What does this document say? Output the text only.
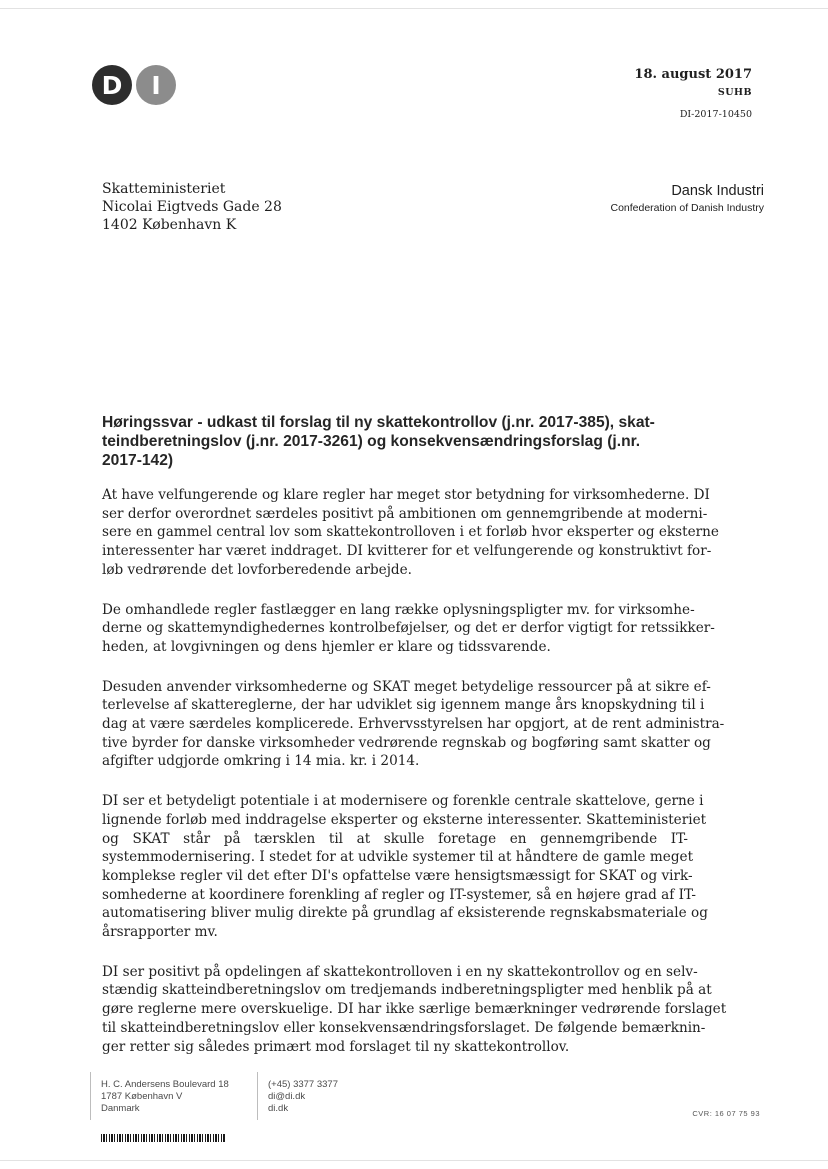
D	I	18. august 2017
SUHB
DI-2017-10450
Skatteministeriet
Nicolai Eigtveds Gade 28
1402 København K
Dansk Industri
Confederation of Danish Industry
Høringssvar - udkast til forslag til ny skattekontrollov (j.nr. 2017-385), skat-
teindberetningslov (j.nr. 2017-3261) og konsekvensændringsforslag (j.nr.
2017-142)

At have velfungerende og klare regler har meget stor betydning for virksomhederne. DI
ser derfor overordnet særdeles positivt på ambitionen om gennemgribende at moderni-
sere en gammel central lov som skattekontrolloven i et forløb hvor eksperter og eksterne
interessenter har været inddraget. DI kvitterer for et velfungerende og konstruktivt for-
løb vedrørende det lovforberedende arbejde.

De omhandlede regler fastlægger en lang række oplysningspligter mv. for virksomhe-
derne og skattemyndighedernes kontrolbeføjelser, og det er derfor vigtigt for retssikker-
heden, at lovgivningen og dens hjemler er klare og tidssvarende.

Desuden anvender virksomhederne og SKAT meget betydelige ressourcer på at sikre ef-
terlevelse af skattereglerne, der har udviklet sig igennem mange års knopskydning til i
dag at være særdeles komplicerede. Erhvervsstyrelsen har opgjort, at de rent administra-
tive byrder for danske virksomheder vedrørende regnskab og bogføring samt skatter og
afgifter udgjorde omkring i 14 mia. kr. i 2014.

DI ser et betydeligt potentiale i at modernisere og forenkle centrale skattelove, gerne i
lignende forløb med inddragelse eksperter og eksterne interessenter. Skatteministeriet
og SKAT står på tærsklen til at skulle foretage en gennemgribende IT-
systemmodernisering. I stedet for at udvikle systemer til at håndtere de gamle meget
komplekse regler vil det efter DI's opfattelse være hensigtsmæssigt for SKAT og virk-
somhederne at koordinere forenkling af regler og IT-systemer, så en højere grad af IT-
automatisering bliver mulig direkte på grundlag af eksisterende regnskabsmateriale og
årsrapporter mv.

DI ser positivt på opdelingen af skattekontrolloven i en ny skattekontrollov og en selv-
stændig skatteindberetningslov om tredjemands indberetningspligter med henblik på at
gøre reglerne mere overskuelige. DI har ikke særlige bemærkninger vedrørende forslaget
til skatteindberetningslov eller konsekvensændringsforslaget. De følgende bemærknin-
ger retter sig således primært mod forslaget til ny skattekontrollov.

H. C. Andersens Boulevard 18
1787 København V
Danmark
(+45) 3377 3377
di@di.dk
di.dk	CVR: 16 07 75 93
